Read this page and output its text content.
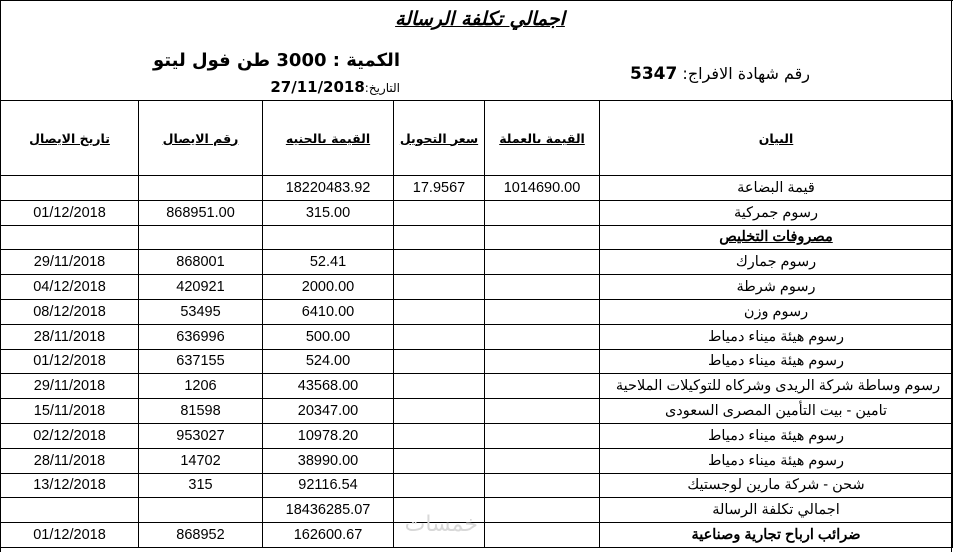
اجمالي تكلفة الرسالة
الكمية : 3000 طن فول ليتو
التاريخ:27/11/2018
رقم شهادة الافراج: 5347
تاريخ الايصال	رقم الايصال	القيمة بالجنيه	سعر التحويل	القيمة بالعملة	البيان
		18220483.92	17.9567	1014690.00	قيمة البضاعة
01/12/2018	868951.00	315.00			رسوم جمركية
					مصروفات التخليص
29/11/2018	868001	52.41			رسوم جمارك
04/12/2018	420921	2000.00			رسوم شرطة
08/12/2018	53495	6410.00			رسوم وزن
28/11/2018	636996	500.00			رسوم هيئة ميناء دمياط
01/12/2018	637155	524.00			رسوم هيئة ميناء دمياط
29/11/2018	1206	43568.00			رسوم وساطة شركة الريدى وشركاه للتوكيلات الملاحية
15/11/2018	81598	20347.00			تامين - بيت التأمين المصرى السعودى
02/12/2018	953027	10978.20			رسوم هيئة ميناء دمياط
28/11/2018	14702	38990.00			رسوم هيئة ميناء دمياط
13/12/2018	315	92116.54			شحن - شركة مارين لوجستيك
		18436285.07			اجمالي تكلفة الرسالة
01/12/2018	868952	162600.67			ضرائب ارباح تجارية وصناعية
خمسات
